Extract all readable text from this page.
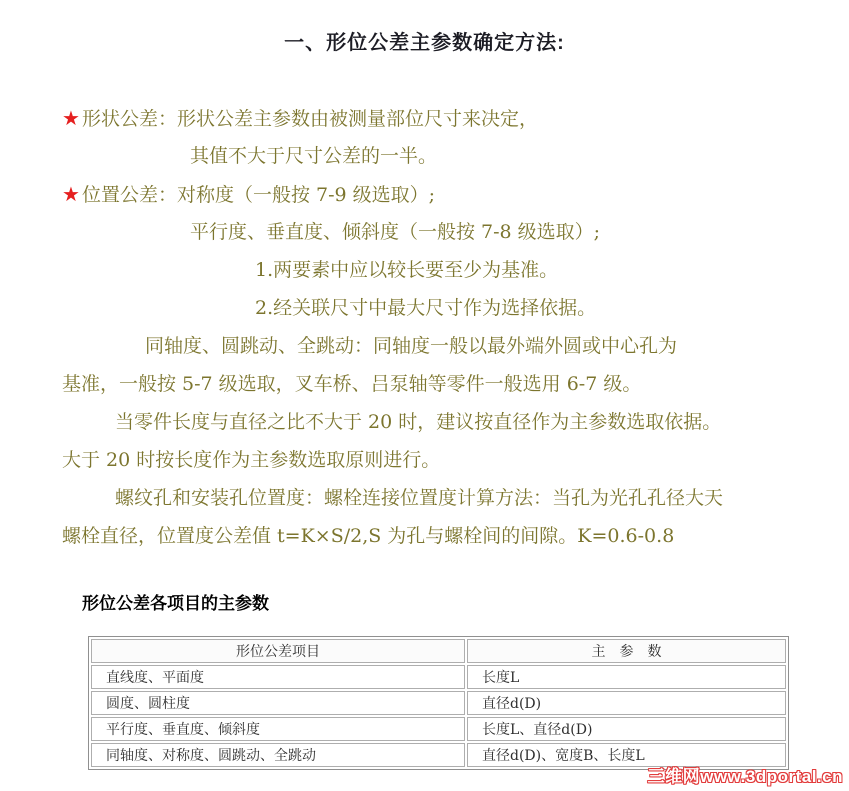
一、形位公差主参数确定方法:

★ 形状公差：形状公差主参数由被测量部位尺寸来决定，

其值不大于尺寸公差的一半。

★ 位置公差：对称度（一般按 7-9 级选取）;

平行度、垂直度、倾斜度（一般按 7-8 级选取）;

1.两要素中应以较长要至少为基准。

2.经关联尺寸中最大尺寸作为选择依据。

同轴度、圆跳动、全跳动：同轴度一般以最外端外圆或中心孔为

基准，一般按 5-7 级选取，叉车桥、吕泵轴等零件一般选用 6-7 级。

当零件长度与直径之比不大于 20 时，建议按直径作为主参数选取依据。

大于 20 时按长度作为主参数选取原则进行。

螺纹孔和安装孔位置度：螺栓连接位置度计算方法：当孔为光孔孔径大天

螺栓直径，位置度公差值 t=K×S/2,S 为孔与螺栓间的间隙。K=0.6-0.8

形位公差各项目的主参数
形位公差项目	主　参　数
直线度、平面度	长度L
圆度、圆柱度	直径d(D)
平行度、垂直度、倾斜度	长度L、直径d(D)
同轴度、对称度、圆跳动、全跳动	直径d(D)、宽度B、长度L
三维网www.3dportal.cn
